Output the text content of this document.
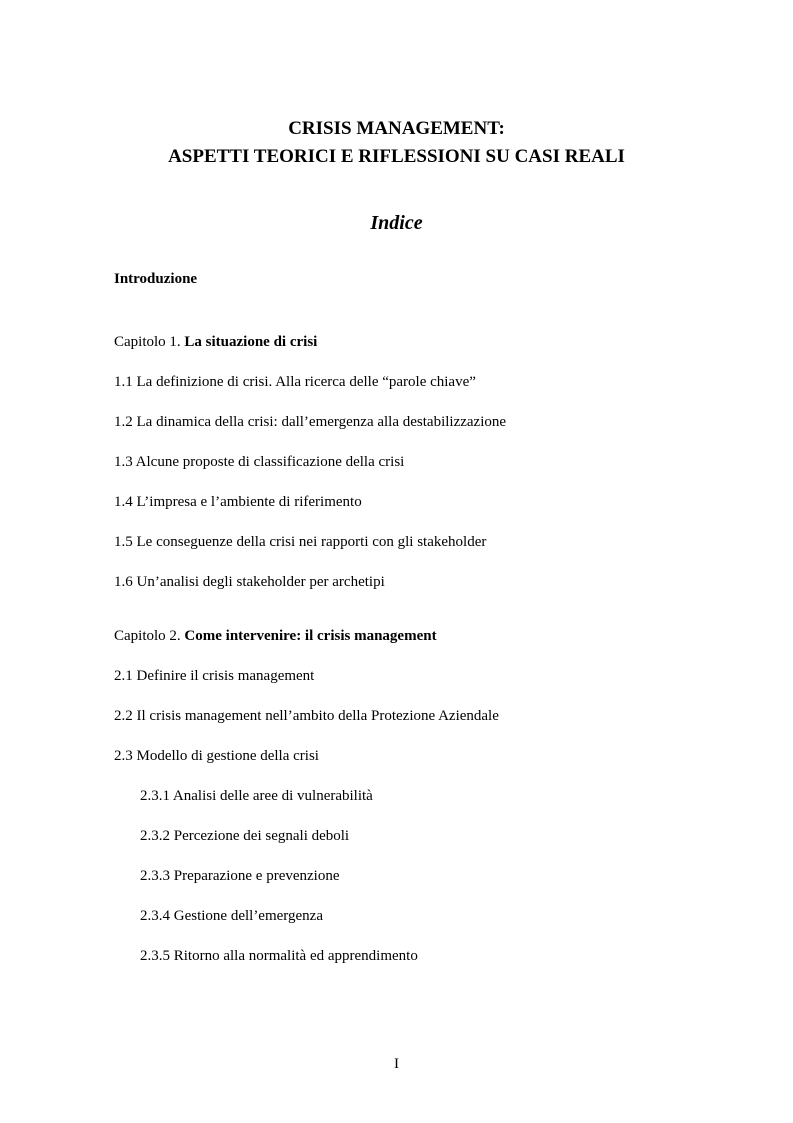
CRISIS MANAGEMENT:
ASPETTI TEORICI E RIFLESSIONI SU CASI REALI
Indice
Introduzione
Capitolo 1. La situazione di crisi
1.1 La definizione di crisi. Alla ricerca delle “parole chiave”
1.2 La dinamica della crisi: dall’emergenza alla destabilizzazione
1.3 Alcune proposte di classificazione della crisi
1.4 L’impresa e l’ambiente di riferimento
1.5 Le conseguenze della crisi nei rapporti con gli stakeholder
1.6 Un’analisi degli stakeholder per archetipi
Capitolo 2. Come intervenire: il crisis management
2.1 Definire il crisis management
2.2 Il crisis management nell’ambito della Protezione Aziendale
2.3 Modello di gestione della crisi
2.3.1 Analisi delle aree di vulnerabilità
2.3.2 Percezione dei segnali deboli
2.3.3 Preparazione e prevenzione
2.3.4 Gestione dell’emergenza
2.3.5 Ritorno alla normalità ed apprendimento
I
